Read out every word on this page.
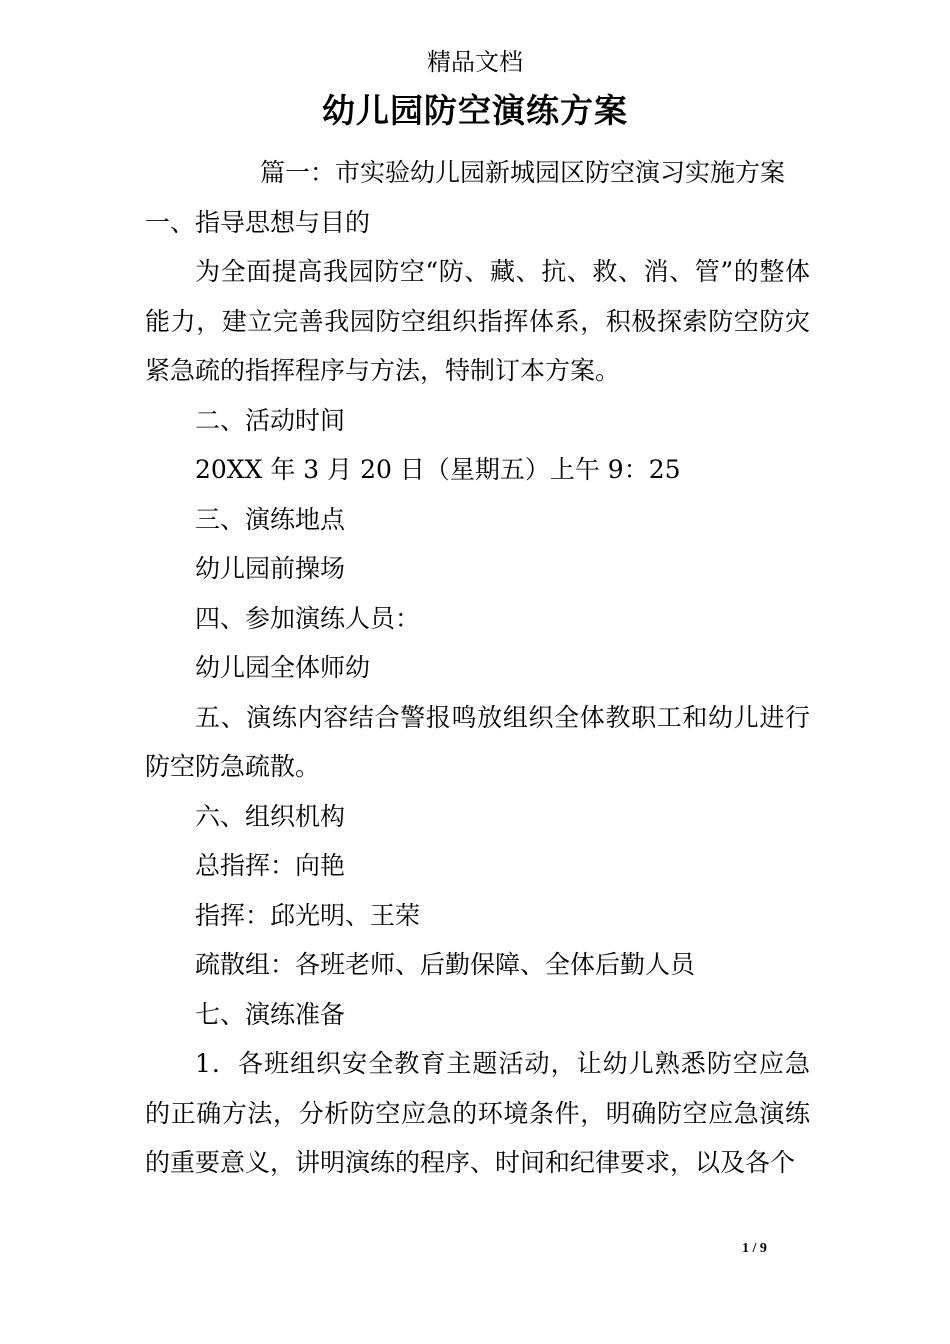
精品文档
幼儿园防空演练方案

篇一：市实验幼儿园新城园区防空演习实施方案

一、指导思想与目的

为全面提高我园防空“防、藏、抗、救、消、管”的整体能力，建立完善我园防空组织指挥体系，积极探索防空防灾紧急疏的指挥程序与方法，特制订本方案。

二、活动时间

20XX 年 3 月 20 日（星期五）上午 9：25

三、演练地点

幼儿园前操场

四、参加演练人员：

幼儿园全体师幼

五、演练内容结合警报鸣放组织全体教职工和幼儿进行防空防急疏散。

六、组织机构

总指挥：向艳

指挥：邱光明、王荣

疏散组：各班老师、后勤保障、全体后勤人员

七、演练准备

1．各班组织安全教育主题活动，让幼儿熟悉防空应急的正确方法，分析防空应急的环境条件，明确防空应急演练的重要意义，讲明演练的程序、时间和纪律要求，以及各个

1 / 9
